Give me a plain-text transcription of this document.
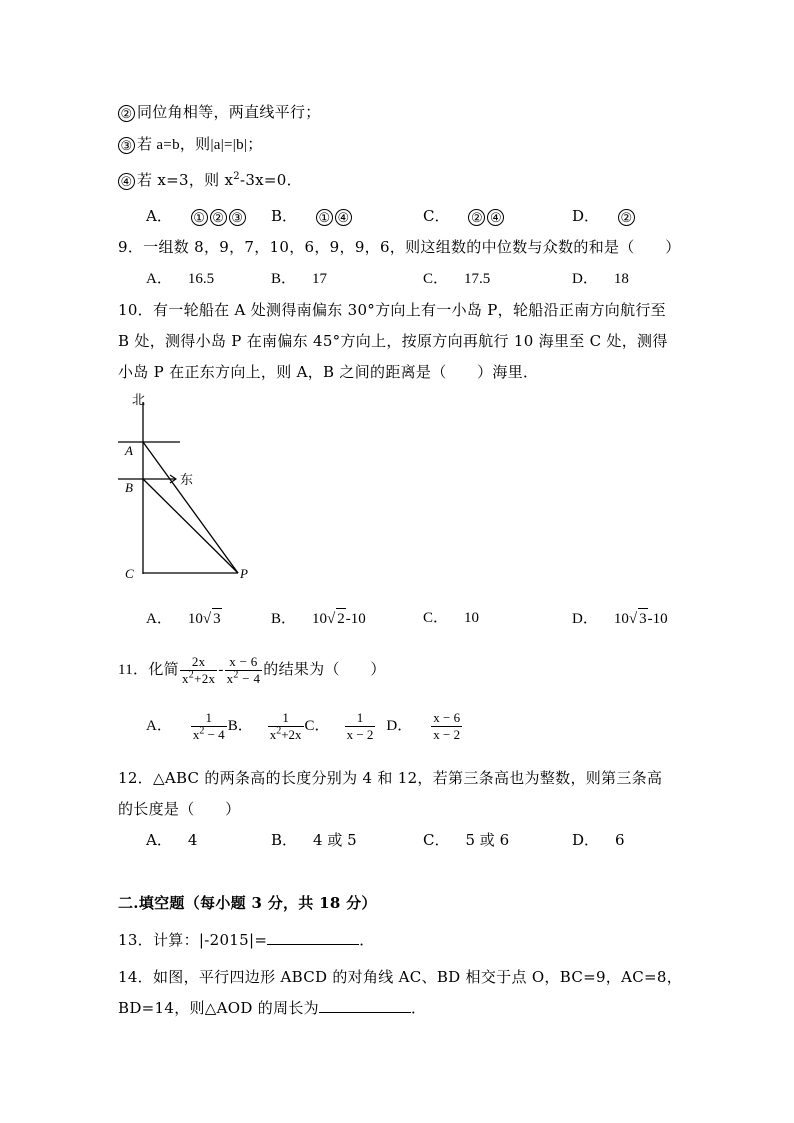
② 同位角相等，两直线平行；
③ 若 a=b，则|a|=|b|；
④ 若 x=3，则 $x^2-3x=0$．
A． ① ② ③	B． ① ④	C． ② ④	D． ②
9．一组数 8，9，7，10，6，9，9，6，则这组数的中位数与众数的和是（　　）
A． 16.5	B． 17	C． 17.5	D． 18
10．有一轮船在 A 处测得南偏东 30°方向上有一小岛 P，轮船沿正南方向航行至
B 处，测得小岛 P 在南偏东 45°方向上，按原方向再航行 10 海里至 C 处，测得
小岛 P 在正东方向上，则 A，B 之间的距离是（　　）海里．
北
东
A
B
C	P
A． 10√ 3	B． 10√ 2-10	C． 10	D． 10√ 3-10
11．化简 $\frac{2x}{x^2+2x} - \frac{x - 6}{x^2 - 4}$ 的结果为（　　）
A． $\frac{1}{x^2 - 4}$ B． $\frac{1}{x^2+2x}$ C． $\frac{1}{x - 2}$ D． $\frac{x - 6}{x - 2}$
12．△ABC 的两条高的长度分别为 4 和 12，若第三条高也为整数，则第三条高
的长度是（　　）
A． 4	B． 4 或 5	C． 5 或 6	D． 6
二.填空题（每小题 3 分，共 18 分）
13．计算：|-2015|=	．
14．如图，平行四边形 ABCD 的对角线 AC、BD 相交于点 O，BC=9，AC=8，
BD=14，则△AOD 的周长为	．
